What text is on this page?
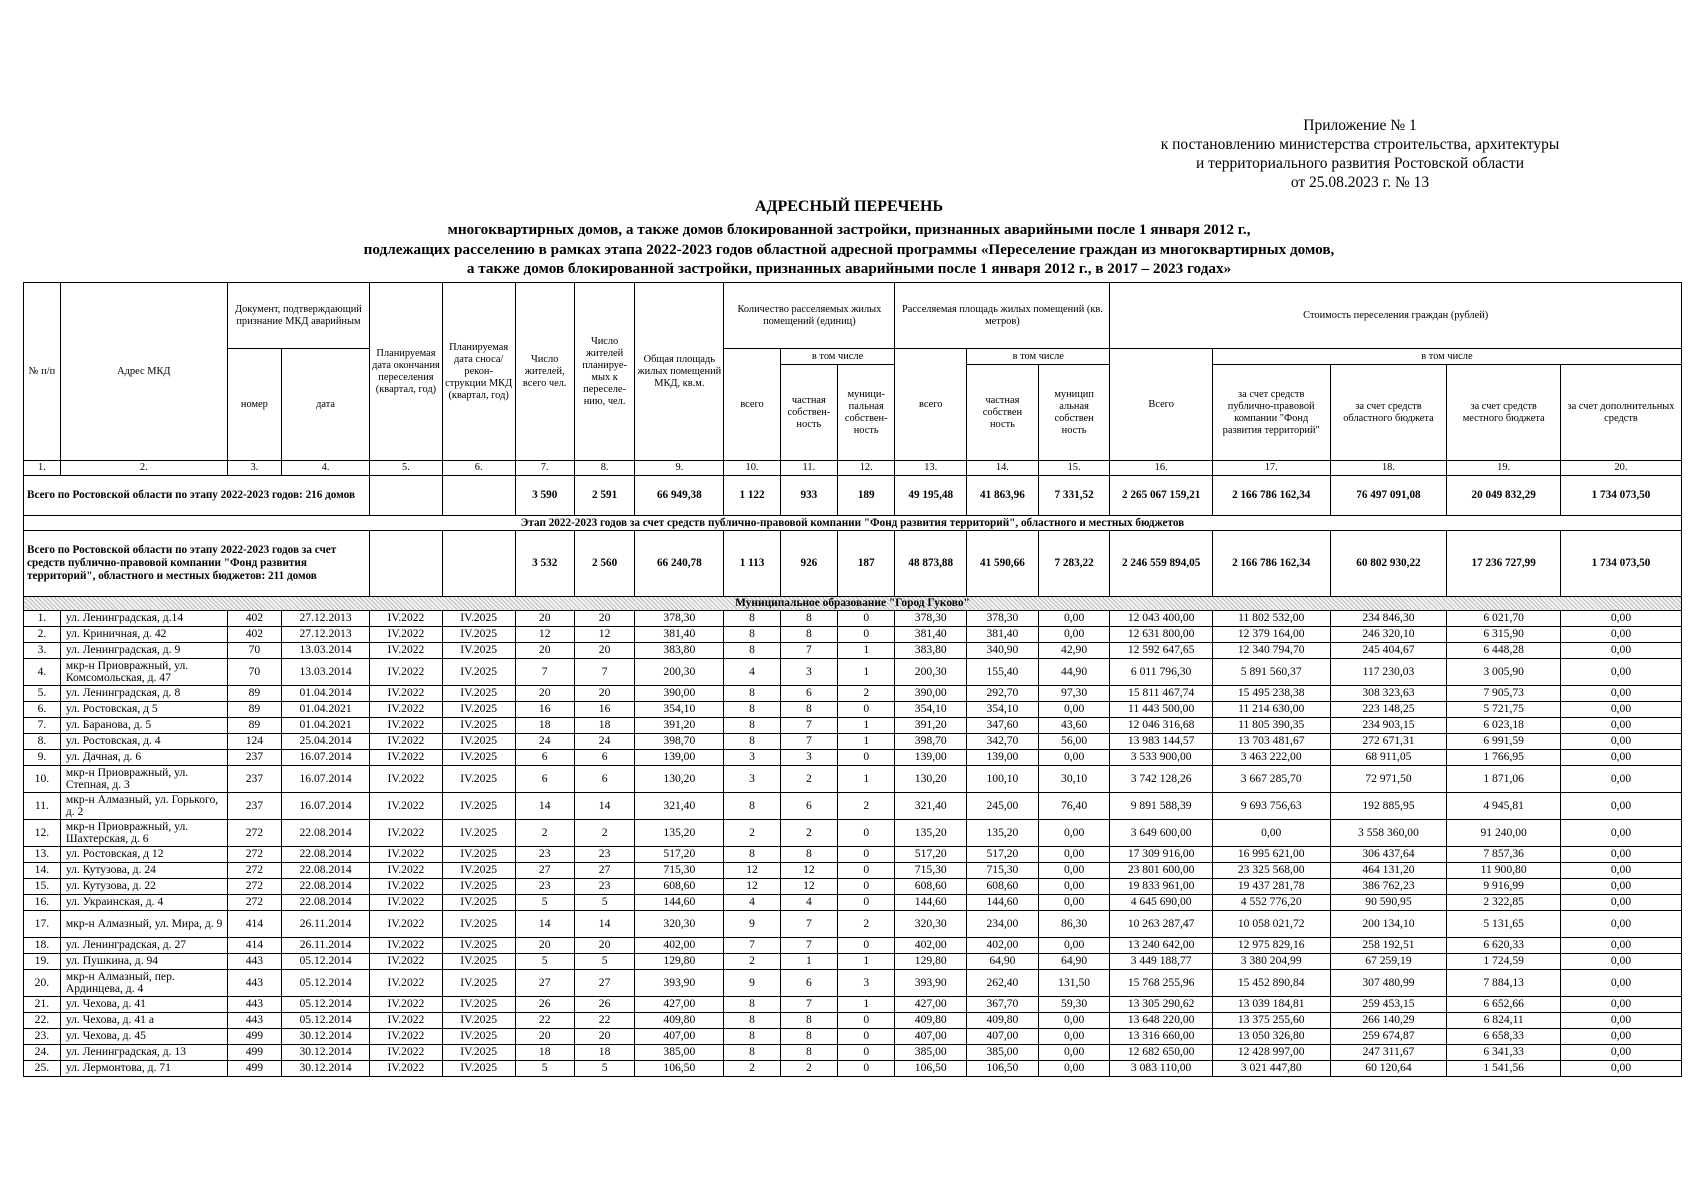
Приложение № 1
к постановлению министерства строительства, архитектуры
и территориального развития Ростовской области
от 25.08.2023 г. № 13
АДРЕСНЫЙ ПЕРЕЧЕНЬ
многоквартирных домов, а также домов блокированной застройки, признанных аварийными после 1 января 2012 г.,
подлежащих расселению в рамках этапа 2022-2023 годов областной адресной программы «Переселение граждан из многоквартирных домов,
а также домов блокированной застройки, признанных аварийными после 1 января 2012 г., в 2017 – 2023 годах»
№ п/п	Адрес МКД	Документ, подтверждающий признание МКД аварийным		Планируемая дата окончания переселения (квартал, год)	Планируемая дата сноса/рекон-струкции МКД (квартал, год)	Число жителей, всего чел.	Число жителей планируе-мых к переселе-нию, чел.	Общая площадь жилых помещений МКД, кв.м.	Количество расселяемых жилых помещений (единиц)			Расселяемая площадь жилых помещений (кв. метров)			Стоимость переселения граждан (рублей)				
		номер	дата						всего	в том числе		всего	в том числе		Всего	в том числе			
										частная собствен-ность	муници-пальная собствен-ность		частная собствен ность	муницип альная собствен ность		за счет средств публично-правовой компании "Фонд развития территорий"	за счет средств областного бюджета	за счет средств местного бюджета	за счет дополнительных средств
1.	2.	3.	4.	5.	6.	7.	8.	9.	10.	11.	12.	13.	14.	15.	16.	17.	18.	19.	20.
Всего по Ростовской области по этапу 2022-2023 годов: 216 домов						3 590	2 591	66 949,38	1 122	933	189	49 195,48	41 863,96	7 331,52	2 265 067 159,21	2 166 786 162,34	76 497 091,08	20 049 832,29	1 734 073,50
Этап 2022-2023 годов за счет средств публично-правовой компании "Фонд развития территорий", областного и местных бюджетов																			
Всего по Ростовской области по этапу 2022-2023 годов за счет средств публично-правовой компании "Фонд развития территорий", областного и местных бюджетов: 211 домов						3 532	2 560	66 240,78	1 113	926	187	48 873,88	41 590,66	7 283,22	2 246 559 894,05	2 166 786 162,34	60 802 930,22	17 236 727,99	1 734 073,50
Муниципальное образование "Город Гуково"																			
1.	ул. Ленинградская, д.14	402	27.12.2013	IV.2022	IV.2025	20	20	378,30	8	8	0	378,30	378,30	0,00	12 043 400,00	11 802 532,00	234 846,30	6 021,70	0,00
2.	ул. Криничная, д. 42	402	27.12.2013	IV.2022	IV.2025	12	12	381,40	8	8	0	381,40	381,40	0,00	12 631 800,00	12 379 164,00	246 320,10	6 315,90	0,00
3.	ул. Ленинградская, д. 9	70	13.03.2014	IV.2022	IV.2025	20	20	383,80	8	7	1	383,80	340,90	42,90	12 592 647,65	12 340 794,70	245 404,67	6 448,28	0,00
4.	мкр-н Приовражный, ул. Комсомольская, д. 47	70	13.03.2014	IV.2022	IV.2025	7	7	200,30	4	3	1	200,30	155,40	44,90	6 011 796,30	5 891 560,37	117 230,03	3 005,90	0,00
5.	ул. Ленинградская, д. 8	89	01.04.2014	IV.2022	IV.2025	20	20	390,00	8	6	2	390,00	292,70	97,30	15 811 467,74	15 495 238,38	308 323,63	7 905,73	0,00
6.	ул. Ростовская, д 5	89	01.04.2021	IV.2022	IV.2025	16	16	354,10	8	8	0	354,10	354,10	0,00	11 443 500,00	11 214 630,00	223 148,25	5 721,75	0,00
7.	ул. Баранова, д. 5	89	01.04.2021	IV.2022	IV.2025	18	18	391,20	8	7	1	391,20	347,60	43,60	12 046 316,68	11 805 390,35	234 903,15	6 023,18	0,00
8.	ул. Ростовская, д. 4	124	25.04.2014	IV.2022	IV.2025	24	24	398,70	8	7	1	398,70	342,70	56,00	13 983 144,57	13 703 481,67	272 671,31	6 991,59	0,00
9.	ул. Дачная, д. 6	237	16.07.2014	IV.2022	IV.2025	6	6	139,00	3	3	0	139,00	139,00	0,00	3 533 900,00	3 463 222,00	68 911,05	1 766,95	0,00
10.	мкр-н Приовражный, ул. Степная, д. 3	237	16.07.2014	IV.2022	IV.2025	6	6	130,20	3	2	1	130,20	100,10	30,10	3 742 128,26	3 667 285,70	72 971,50	1 871,06	0,00
11.	мкр-н Алмазный, ул. Горького, д. 2	237	16.07.2014	IV.2022	IV.2025	14	14	321,40	8	6	2	321,40	245,00	76,40	9 891 588,39	9 693 756,63	192 885,95	4 945,81	0,00
12.	мкр-н Приовражный, ул. Шахтерская, д. 6	272	22.08.2014	IV.2022	IV.2025	2	2	135,20	2	2	0	135,20	135,20	0,00	3 649 600,00	0,00	3 558 360,00	91 240,00	0,00
13.	ул. Ростовская, д 12	272	22.08.2014	IV.2022	IV.2025	23	23	517,20	8	8	0	517,20	517,20	0,00	17 309 916,00	16 995 621,00	306 437,64	7 857,36	0,00
14.	ул. Кутузова, д. 24	272	22.08.2014	IV.2022	IV.2025	27	27	715,30	12	12	0	715,30	715,30	0,00	23 801 600,00	23 325 568,00	464 131,20	11 900,80	0,00
15.	ул. Кутузова, д. 22	272	22.08.2014	IV.2022	IV.2025	23	23	608,60	12	12	0	608,60	608,60	0,00	19 833 961,00	19 437 281,78	386 762,23	9 916,99	0,00
16.	ул. Украинская, д. 4	272	22.08.2014	IV.2022	IV.2025	5	5	144,60	4	4	0	144,60	144,60	0,00	4 645 690,00	4 552 776,20	90 590,95	2 322,85	0,00
17.	мкр-н Алмазный, ул. Мира, д. 9	414	26.11.2014	IV.2022	IV.2025	14	14	320,30	9	7	2	320,30	234,00	86,30	10 263 287,47	10 058 021,72	200 134,10	5 131,65	0,00
18.	ул. Ленинградская, д. 27	414	26.11.2014	IV.2022	IV.2025	20	20	402,00	7	7	0	402,00	402,00	0,00	13 240 642,00	12 975 829,16	258 192,51	6 620,33	0,00
19.	ул. Пушкина, д. 94	443	05.12.2014	IV.2022	IV.2025	5	5	129,80	2	1	1	129,80	64,90	64,90	3 449 188,77	3 380 204,99	67 259,19	1 724,59	0,00
20.	мкр-н Алмазный, пер. Ардинцева, д. 4	443	05.12.2014	IV.2022	IV.2025	27	27	393,90	9	6	3	393,90	262,40	131,50	15 768 255,96	15 452 890,84	307 480,99	7 884,13	0,00
21.	ул. Чехова, д. 41	443	05.12.2014	IV.2022	IV.2025	26	26	427,00	8	7	1	427,00	367,70	59,30	13 305 290,62	13 039 184,81	259 453,15	6 652,66	0,00
22.	ул. Чехова, д. 41 а	443	05.12.2014	IV.2022	IV.2025	22	22	409,80	8	8	0	409,80	409,80	0,00	13 648 220,00	13 375 255,60	266 140,29	6 824,11	0,00
23.	ул. Чехова, д. 45	499	30.12.2014	IV.2022	IV.2025	20	20	407,00	8	8	0	407,00	407,00	0,00	13 316 660,00	13 050 326,80	259 674,87	6 658,33	0,00
24.	ул. Ленинградская, д. 13	499	30.12.2014	IV.2022	IV.2025	18	18	385,00	8	8	0	385,00	385,00	0,00	12 682 650,00	12 428 997,00	247 311,67	6 341,33	0,00
25.	ул. Лермонтова, д. 71	499	30.12.2014	IV.2022	IV.2025	5	5	106,50	2	2	0	106,50	106,50	0,00	3 083 110,00	3 021 447,80	60 120,64	1 541,56	0,00
